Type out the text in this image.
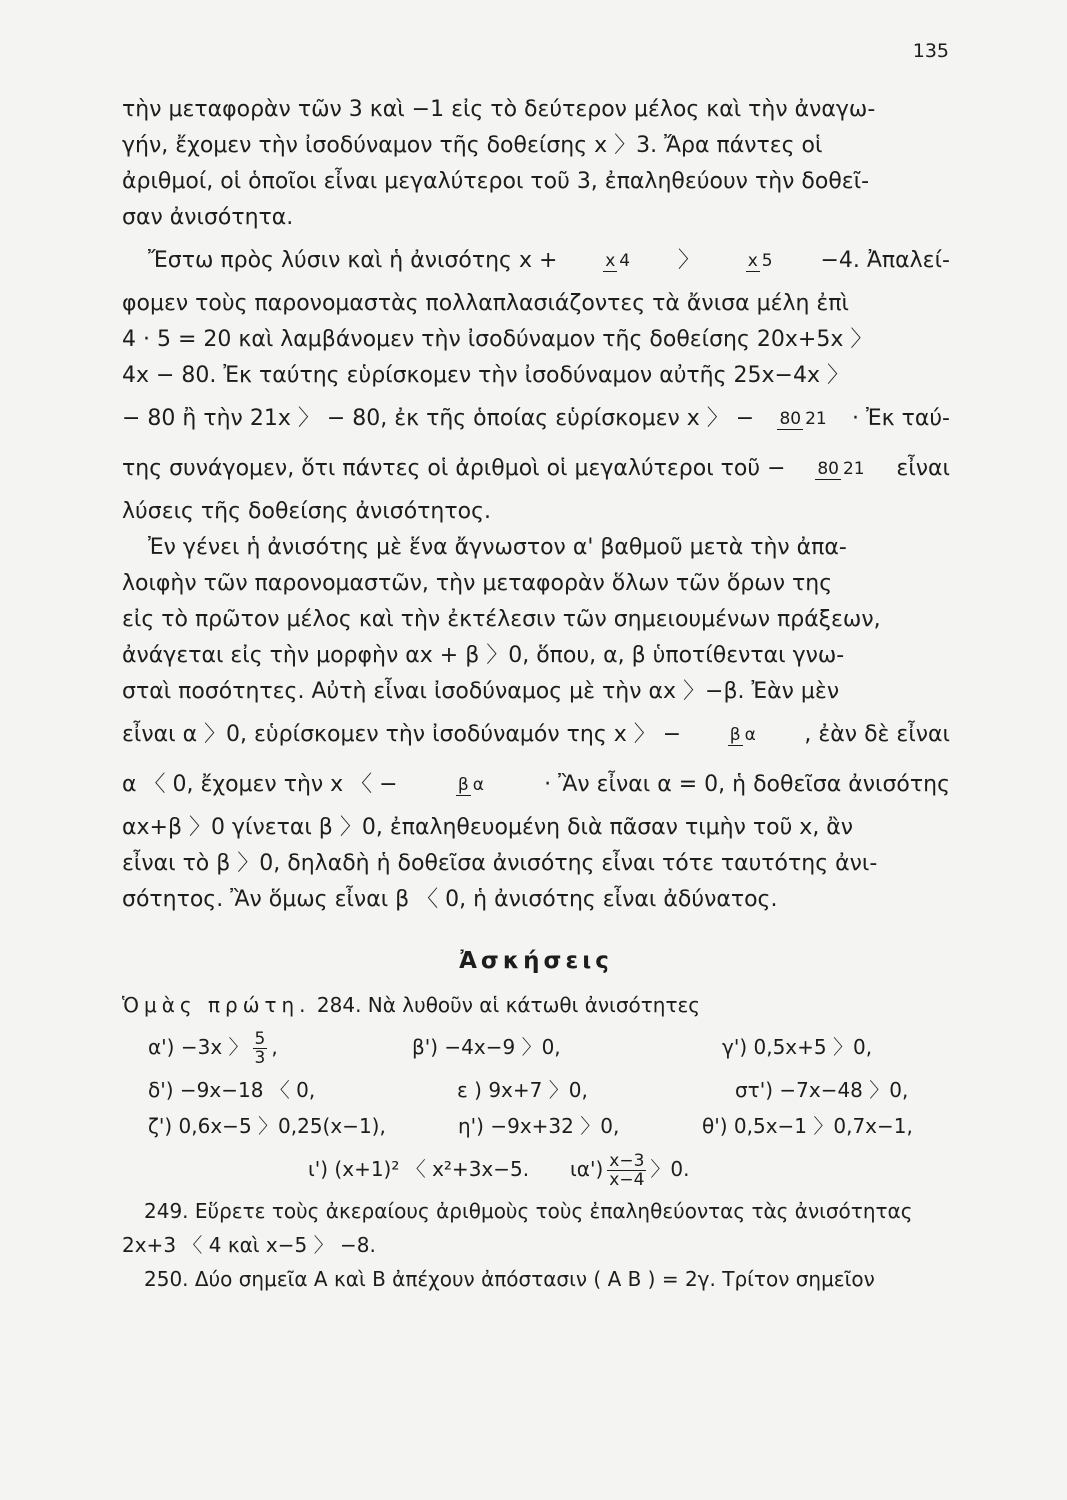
135
τὴν μεταφορὰν τῶν 3 καὶ −1 εἰς τὸ δεύτερον μέλος καὶ τὴν ἀναγω-
γήν, ἔχομεν τὴν ἰσοδύναμον τῆς δοθείσης x 〉3. Ἄρα πάντες οἱ
ἀριθμοί, οἱ ὁποῖοι εἶναι μεγαλύτεροι τοῦ 3, ἐπαληθεύουν τὴν δοθεῖ-
σαν ἀνισότητα.
Ἔστω πρὸς λύσιν καὶ ἡ ἀνισότης x +	x 4 〉	x 5 −4. Ἀπαλεί-
φομεν τοὺς παρονομαστὰς πολλαπλασιάζοντες τὰ ἄνισα μέλη ἐπὶ
4 · 5 = 20 καὶ λαμβάνομεν τὴν ἰσοδύναμον τῆς δοθείσης 20x+5x 〉
4x − 80. Ἐκ ταύτης εὑρίσκομεν τὴν ἰσοδύναμον αὐτῆς 25x−4x 〉
− 80 ἢ τὴν 21x 〉 − 80, ἐκ τῆς ὁποίας εὑρίσκομεν x 〉 − 80 21 · Ἐκ ταύ-
της συνάγομεν, ὅτι πάντες οἱ ἀριθμοὶ οἱ μεγαλύτεροι τοῦ − 80 21 εἶναι
λύσεις τῆς δοθείσης ἀνισότητος.
Ἐν γένει ἡ ἀνισότης μὲ ἕνα ἄγνωστον α' βαθμοῦ μετὰ τὴν ἀπα-
λοιφὴν τῶν παρονομαστῶν, τὴν μεταφορὰν ὅλων τῶν ὅρων της
εἰς τὸ πρῶτον μέλος καὶ τὴν ἐκτέλεσιν τῶν σημειουμένων πράξεων,
ἀνάγεται εἰς τὴν μορφὴν αx + β 〉0, ὅπου, α, β ὑποτίθενται γνω-
σταὶ ποσότητες. Αὐτὴ εἶναι ἰσοδύναμος μὲ τὴν αx 〉−β. Ἐὰν μὲν
εἶναι α 〉0, εὑρίσκομεν τὴν ἰσοδύναμόν της x 〉 −	β α , ἐὰν δὲ εἶναι
α 〈 0, ἔχομεν τὴν x 〈 −	β α	· Ἂν εἶναι α = 0, ἡ δοθεῖσα ἀνισότης
αx+β 〉0 γίνεται β 〉0, ἐπαληθευομένη διὰ πᾶσαν τιμὴν τοῦ x, ἂν
εἶναι τὸ β 〉0, δηλαδὴ ἡ δοθεῖσα ἀνισότης εἶναι τότε ταυτότης ἀνι-
σότητος. Ἂν ὅμως εἶναι β 〈 0, ἡ ἀνισότης εἶναι ἀδύνατος.
Ἀσκήσεις
Ὁμὰς πρώτη. 284. Νὰ λυθοῦν αἱ κάτωθι ἀνισότητες
α') −3x 〉 $\frac{5}{3}$ ,	β') −4x−9 〉0,	γ') 0,5x+5 〉0,
δ') −9x−18 〈 0,	ε ) 9x+7 〉0,	στ') −7x−48 〉0,
ζ') 0,6x−5 〉0,25(x−1),	η') −9x+32 〉0,	θ') 0,5x−1 〉0,7x−1,
ι') (x+1)² 〈 x²+3x−5. $\iota\alpha') \frac{x-3}{x-4}$ 〉0.
249. Εὕρετε τοὺς ἀκεραίους ἀριθμοὺς τοὺς ἐπαληθεύοντας τὰς ἀνισότητας
2x+3 〈 4 καὶ x−5 〉 −8.
250. Δύο σημεῖα Α καὶ Β ἀπέχουν ἀπόστασιν ( Α Β ) = 2γ. Τρίτον σημεῖον
